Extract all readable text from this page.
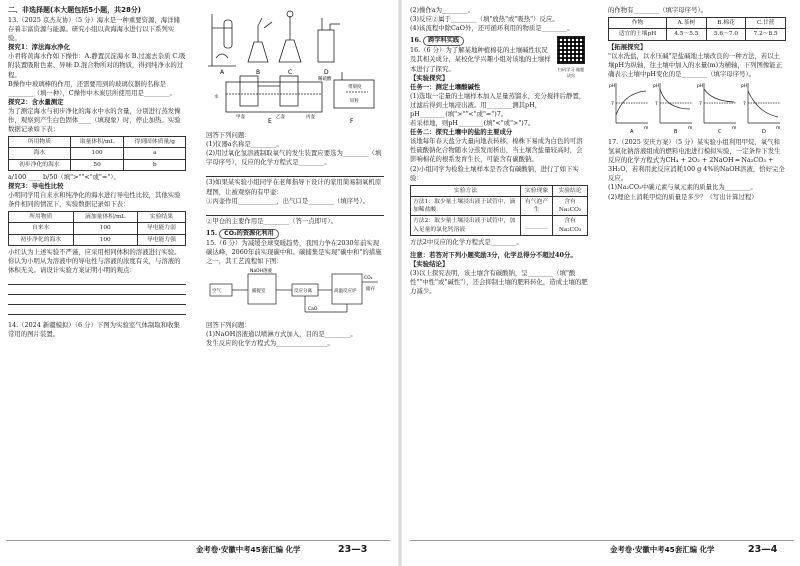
二、非选择题(本大题包括5小题，共28分)

13.（2025 京杰友协）（5 分）海水是一种重要资源，海洋储存着丰富资源与能源。研究小组以黄海海水进行以下系列实验。

探究1：淳法海水净化

小君将黄海水作如下操作：A.静置沉淀海水 B.过滤去杂质 C.吸附装置吸附色素、异味 D.混合物所对的物质，得到纯净水的过程。

B操作中玻璃棒的作用，还需要用到的玻璃仪器的名称是________（填一种），C操作中木炭层所使用用是________。

探究2：含水量测定

为了测定海水与初步净化的海水中水的含量，分别进行蒸发操作，观察到产生白色固体____（填现象）时，停止加热。实验数据记录如下表：

所用物质	取量体积/mL	得到固体质量/g
海水	100	a
初步净化的海水	50	b

a/100 ____ b/50（填">""<"或"="）。

探究3：导电性比较

小明同学用自来水和纯净化的海水进行导电性比较，其他实验条件相同的情况下，实验数据记录如下表：

所用物质	滴加量体积/mL	实验结果
自来水	100	导电能力弱
初步净化的海水	100	导电能力强

小红认为上述实验不严谨，应采用相同体积的溶液进行实验。你认为小明从为溶液中的导电性与溶液的浓度有关，与溶液的体积无关。请设计实验方案证明小明的观点：

14.（2024 新疆模拟）（6 分）下图为实验室气体制取和收集常用的图片装置。

A	B	C	D
E
稀硫酸
锌粒
水
带刻度
F
甲壶	乙壶	丙壶

回答下列问题：

(1)仪器a名称是________。

(2)用过氧化氢溶液制取氧气的发生装置应要选为________（填字母序号），反应的化学方程式是________。

(3)如果某实验小组同学在老师指导下设计的家用简易制氧机原理图，让被观察的有甲壶：

①丙壶作用____________，出气口是________（填序号）。

②甲仓的主要作用是________（答一点即可）。

15. CO₂的资源化利用

15.（6 分）为减缓全球变暖趋势，我国力争在2030年前实现碳达峰，2060年前实现碳中和。碳捕集是实现"碳中和"的措施之一，其工艺流程如下图：

空气
NaOH溶液
捕捉室
CaO
反应分离	高温反应炉
CO₂
储存

回答下列问题：

(1)NaOH溶液通以喷淋方式加入，目的是________。

发生反应的化学方程式为________________。

金考卷·安徽中考45套汇编 化学	23—3

(2)操作a为________。

(3)反应②属于________（填"放热"或"吸热"）反应。

(4)该流程中除CaO外，还可循环利用的物质是________。

16. 跨学科实践

16.（6 分）为了解某地种植棉花的土壤碱性状况及其相关成分，某校化学兴趣小组对该地的土壤样本进行了探究。	扫码学习 做题诀窍

【实验探究】

任务一：测定土壤酸碱性

(1)选取一定量的土壤样本加入足量蒸馏水，充分搅拌后静置，过滤后得到土壤浸出液。用________测其pH，pH________(填">""<"或"=")7。

若采样地，则pH________(填"<"或">")7。

任务二：探究土壤中的盐的主要成分

该地每年春天盐分大量向地表转移，棉株下易成为白色的可溶性硫酸钠化合物随水分蒸发而析出，当土壤含盐量较高时，会影响棉花的根系发育生长，可能含有碳酸钠。

(2)小组同学为检验土壤样本是否含有碳酸钠，进行了如下实验：

实验方法	实验现象	实验结论
方法1：取少量土壤浸出液于试管中，滴加稀盐酸	有气泡产生	含有Na₂CO₃
方法2：取少量土壤浸出液于试管中，加入足量的氯化钙溶液	________	含有Na₂CO₃

方法2中反应的化学方程式是________。

注意：若答对下列小题奖励3分，化学总得分不超过40分。

【实验结论】

(3)以上探究表明，该土壤含有碳酸钠，呈________（填"酸性""中性"或"碱性"），还会抑制土壤的肥料转化，造成土壤的肥力减少。

的作物有________（填字母序号）。

作物	A.茶树	B.棉花	C.甘蔗
适宜的土壤pH	4.5～5.5	5.6～7.0	7.2～8.5

【拓展探究】

"以水洗盐，以水压碱"是盐碱地土壤改良的一种方法，若以土壤pH为纵轴，往土壤中加入的水量(m)为横轴，下列图像能正确表示土壤中pH变化的是________（填字母序号）。

pH	pH	pH	pH
7	7	7	7
m	m	m	m
A	B	C	D

17.（2025 安庆方案）（5 分）某实验小组利用甲烷、氧气和氢氧化钠溶液组成的燃料电池进行模拟实验，一定条件下发生反应的化学方程式为CH₄ + 2O₂ + 2NaOH ═ Na₂CO₃ + 3H₂O，若利用此反应消耗100 g 4%的NaOH溶液，恰好完全反应。

(1)Na₂CO₃中碳元素与氧元素的质量比为________。

(2)理论上消耗甲烷的质量是多少？（写出计算过程）

金考卷·安徽中考45套汇编 化学	23—4
